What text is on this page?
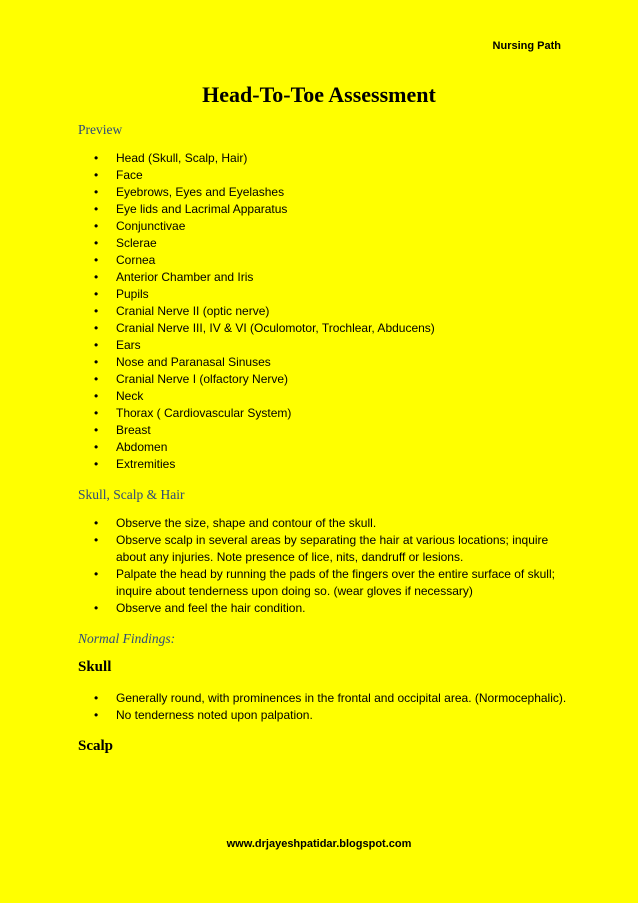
Nursing Path
Head-To-Toe Assessment
Preview
• Head (Skull, Scalp, Hair)
• Face
• Eyebrows, Eyes and Eyelashes
• Eye lids and Lacrimal Apparatus
• Conjunctivae
• Sclerae
• Cornea
• Anterior Chamber and Iris
• Pupils
• Cranial Nerve II (optic nerve)
• Cranial Nerve III, IV & VI (Oculomotor, Trochlear, Abducens)
• Ears
• Nose and Paranasal Sinuses
• Cranial Nerve I (olfactory Nerve)
• Neck
• Thorax ( Cardiovascular System)
• Breast
• Abdomen
• Extremities
Skull, Scalp & Hair
• Observe the size, shape and contour of the skull.
• Observe scalp in several areas by separating the hair at various locations; inquire about any injuries. Note presence of lice, nits, dandruff or lesions.
• Palpate the head by running the pads of the fingers over the entire surface of skull; inquire about tenderness upon doing so. (wear gloves if necessary)
• Observe and feel the hair condition.
Normal Findings:
Skull
• Generally round, with prominences in the frontal and occipital area. (Normocephalic).
• No tenderness noted upon palpation.
Scalp
www.drjayeshpatidar.blogspot.com
